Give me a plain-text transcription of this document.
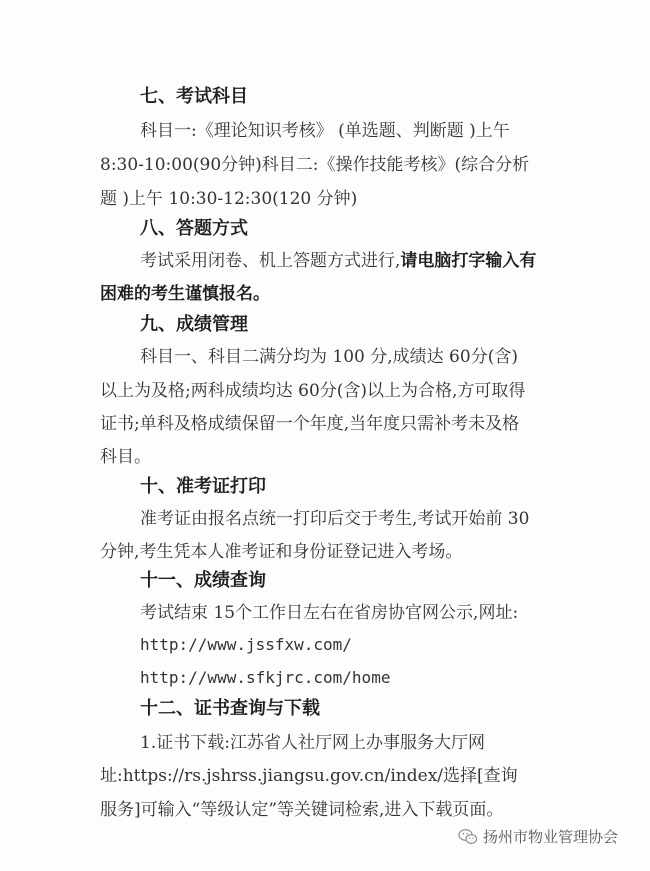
七、考试科目
科目一:《理论知识考核》 (单选题、判断题 )上午
8:30-10:00(90分钟)科目二:《操作技能考核》(综合分析
题 )上午 10:30-12:30(120 分钟)
八、答题方式
考试采用闭卷、机上答题方式进行,请电脑打字输入有
困难的考生谨慎报名。
九、成绩管理
科目一、科目二满分均为 100 分,成绩达 60分(含)
以上为及格;两科成绩均达 60分(含)以上为合格,方可取得
证书;单科及格成绩保留一个年度,当年度只需补考未及格
科目。
十、准考证打印
准考证由报名点统一打印后交于考生,考试开始前 30
分钟,考生凭本人准考证和身份证登记进入考场。
十一、成绩查询
考试结束 15个工作日左右在省房协官网公示,网址:
http://www.jssfxw.com/
http://www.sfkjrc.com/home
十二、证书查询与下载
1.证书下载:江苏省人社厅网上办事服务大厅网
址:https://rs.jshrss.jiangsu.gov.cn/index/选择[查询
服务]可输入“等级认定”等关键词检索,进入下载页面。
扬州市物业管理协会
